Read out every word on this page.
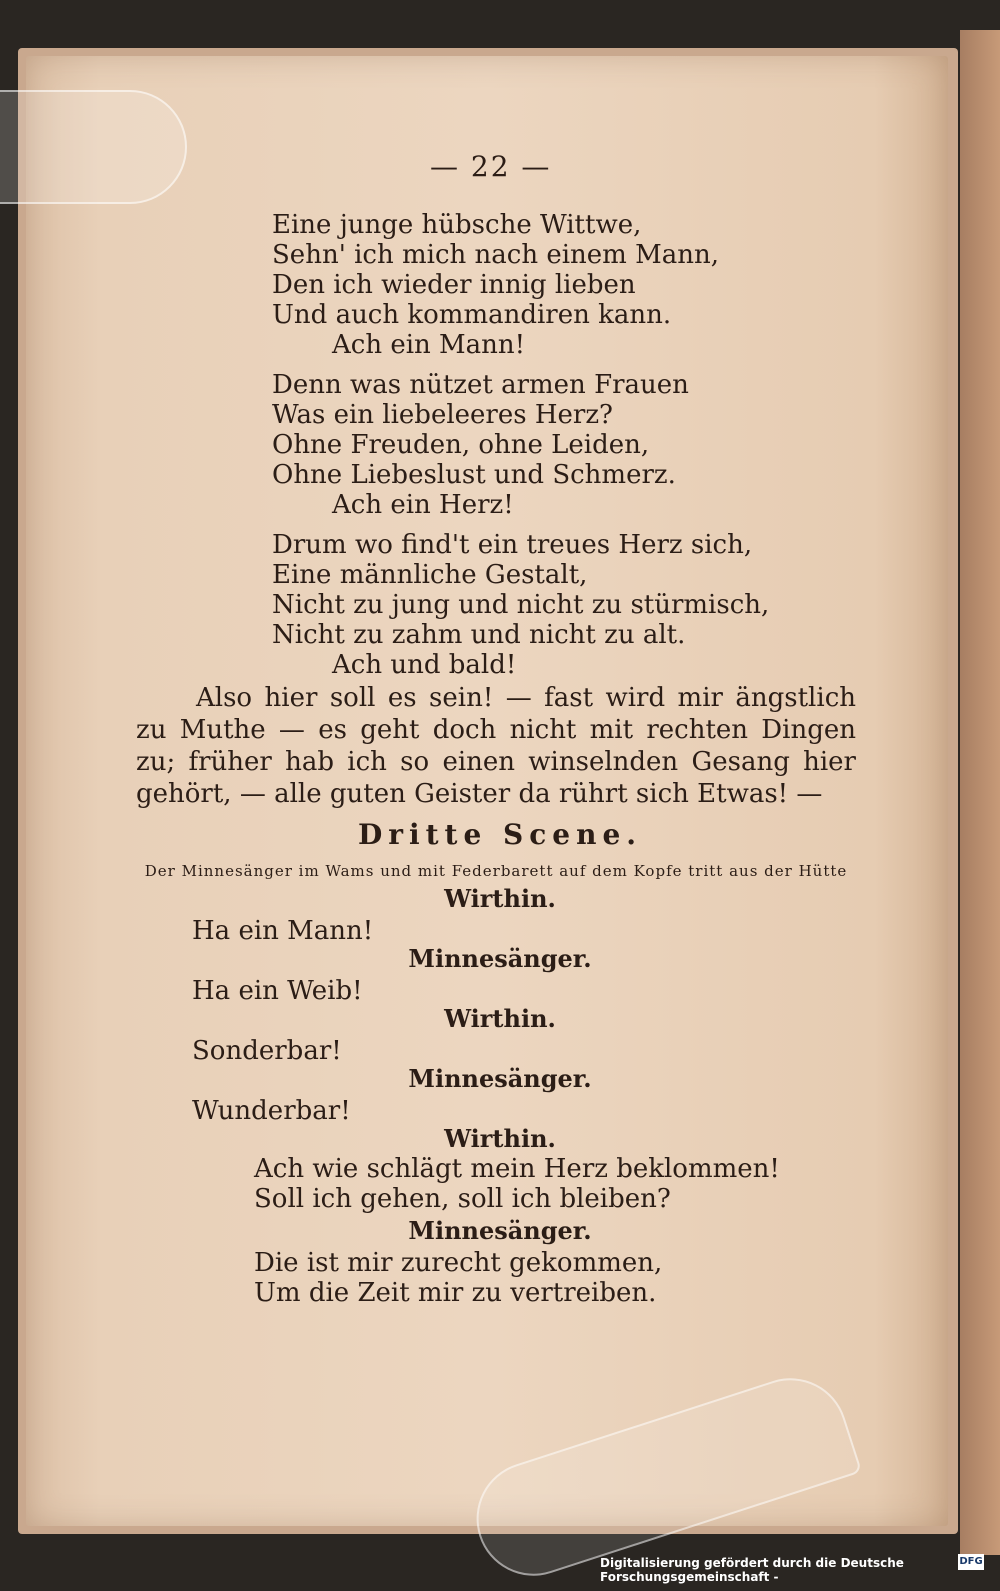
— 22 —
Eine junge hübsche Wittwe,
Sehn' ich mich nach einem Mann,
Den ich wieder innig lieben
Und auch kommandiren kann.
Ach ein Mann!
Denn was nützet armen Frauen
Was ein liebeleeres Herz?
Ohne Freuden, ohne Leiden,
Ohne Liebeslust und Schmerz.
Ach ein Herz!
Drum wo find't ein treues Herz sich,
Eine männliche Gestalt,
Nicht zu jung und nicht zu stürmisch,
Nicht zu zahm und nicht zu alt.
Ach und bald!
Also hier soll es sein! — fast wird mir ängstlich zu Muthe — es geht doch nicht mit rechten Dingen zu; früher hab ich so einen winselnden Gesang hier gehört, — alle guten Geister da rührt sich Etwas! —
Dritte Scene.
Der Minnesänger im Wams und mit Federbarett auf dem Kopfe tritt aus der Hütte
Wirthin.
Ha ein Mann!
Minnesänger.
Ha ein Weib!
Wirthin.
Sonderbar!
Minnesänger.
Wunderbar!
Wirthin.
Ach wie schlägt mein Herz beklommen!
Soll ich gehen, soll ich bleiben?
Minnesänger.
Die ist mir zurecht gekommen,
Um die Zeit mir zu vertreiben.
Digitalisierung gefördert durch die Deutsche Forschungsgemeinschaft -
DFG
